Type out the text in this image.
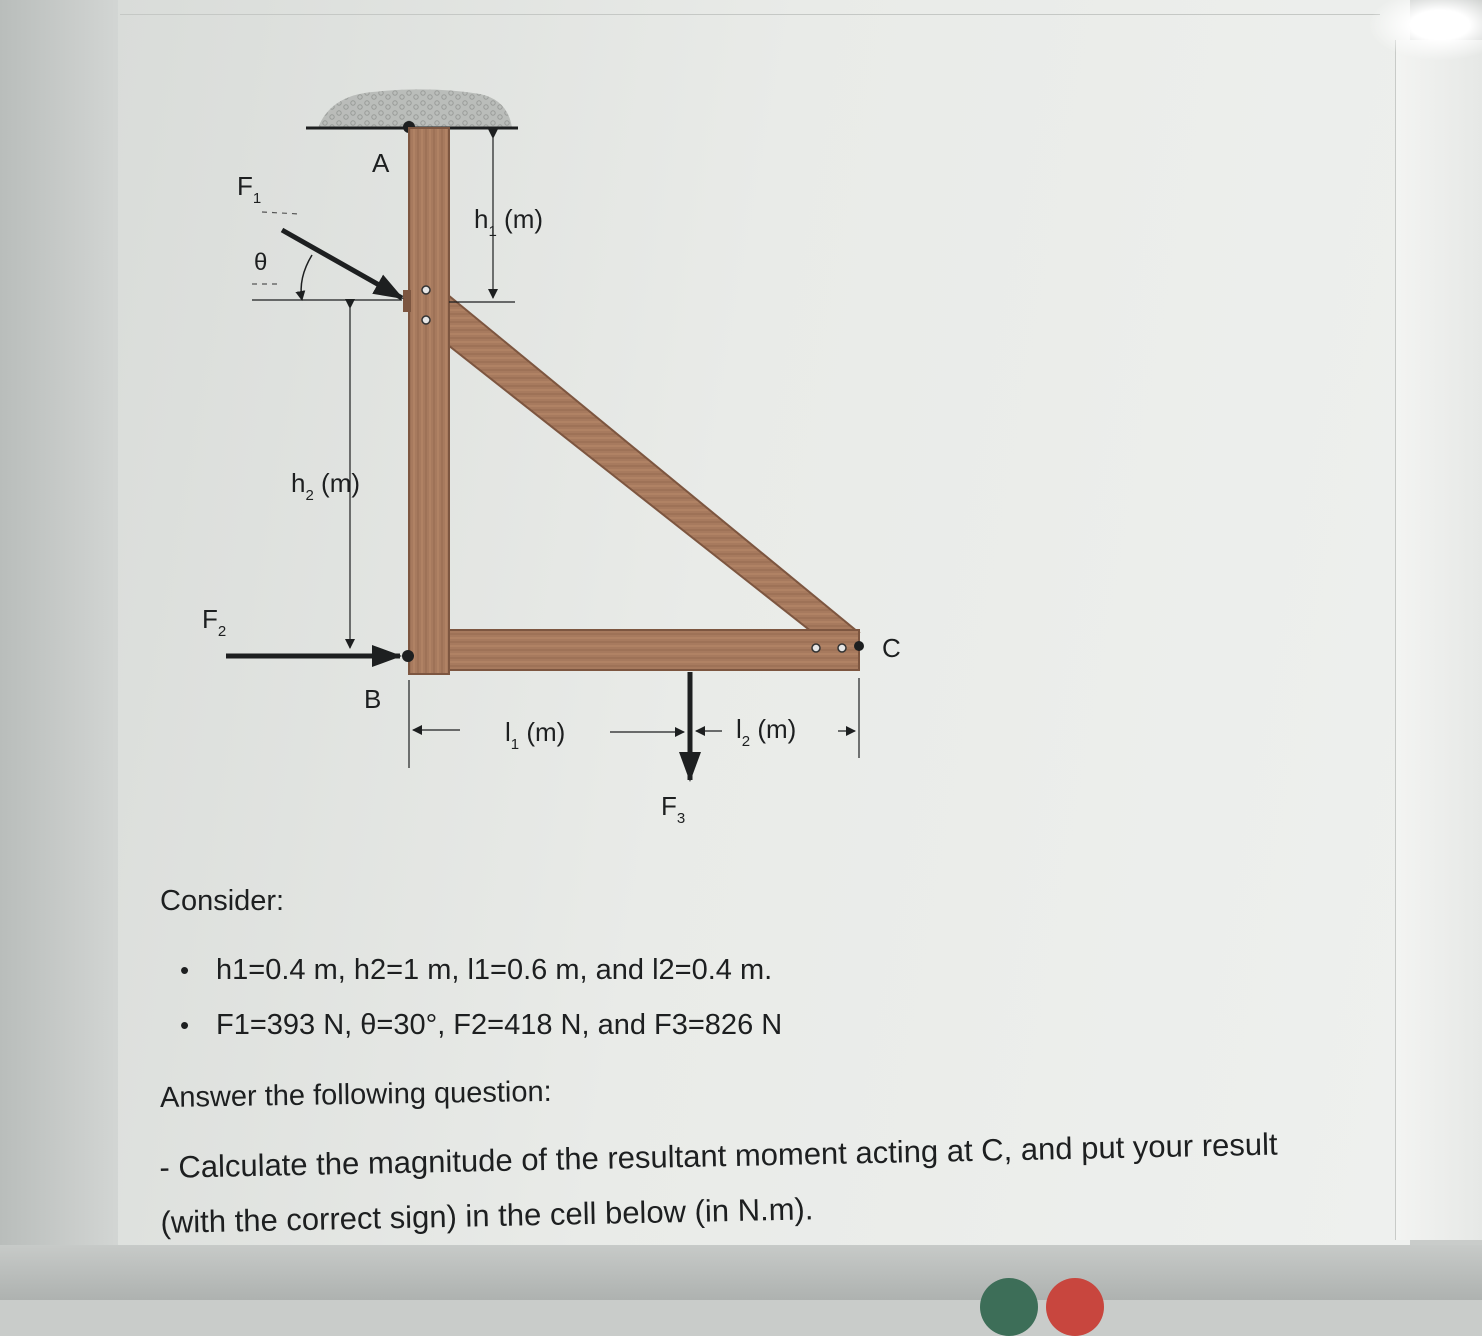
A
B
C
$F_1$
θ
$F_2$
$F_3$
$h_1$ (m)
$h_2$ (m)
$l_1$ (m)	$l_2$ (m)
Consider:
• h1=0.4 m, h2=1 m, l1=0.6 m, and l2=0.4 m.
• F1=393 N, θ=30°, F2=418 N, and F3=826 N
Answer the following question:
- Calculate the magnitude of the resultant moment acting at C, and put your result (with the correct sign) in the cell below (in N.m).
